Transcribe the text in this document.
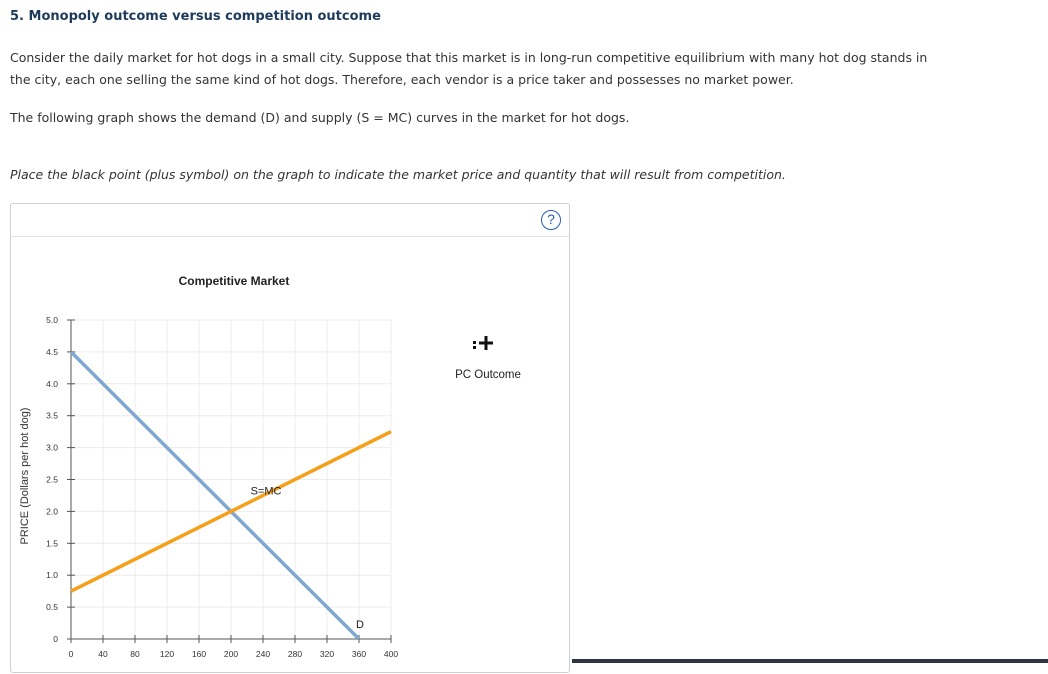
5. Monopoly outcome versus competition outcome

Consider the daily market for hot dogs in a small city. Suppose that this market is in long-run competitive equilibrium with many hot dog stands in the city, each one selling the same kind of hot dogs. Therefore, each vendor is a price taker and possesses no market power.

The following graph shows the demand (D) and supply (S = MC) curves in the market for hot dogs.

Place the black point (plus symbol) on the graph to indicate the market price and quantity that will result from competition.

?
0	40	80 120 160 200 240 280 320 360 400
0
0.5
1.0
1.5
2.0
2.5
3.0
3.5
4.0
4.5
5.0
S=MC
D
Competitive Market
PRICE (Dollars per hot dog)
PC Outcome
